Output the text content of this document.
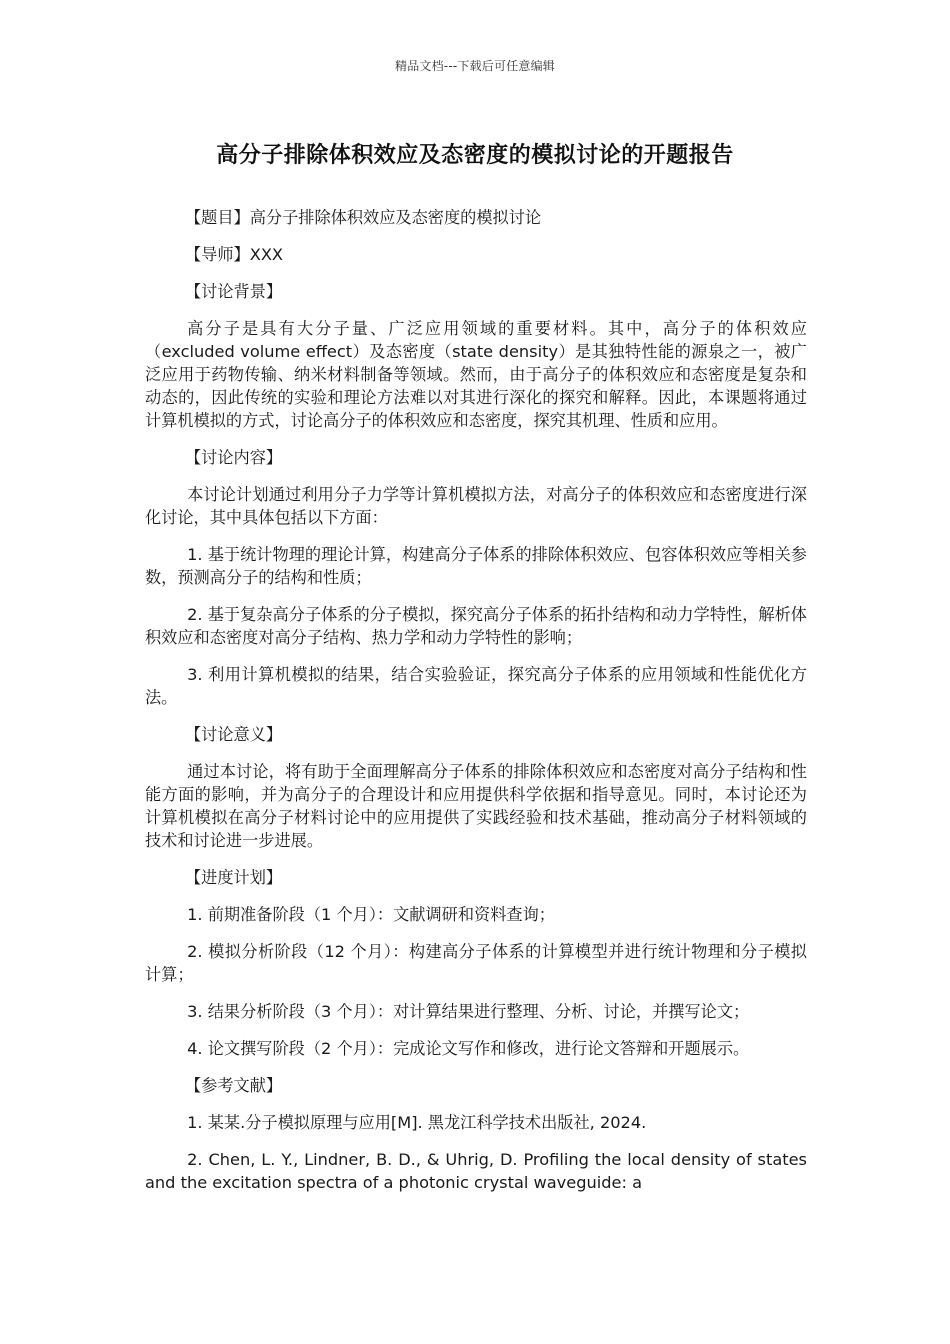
精品文档---下载后可任意编辑
高分子排除体积效应及态密度的模拟讨论的开题报告

【题目】高分子排除体积效应及态密度的模拟讨论

【导师】XXX

【讨论背景】

高分子是具有大分子量、广泛应用领域的重要材料。其中，高分子的体积效应（excluded volume effect）及态密度（state density）是其独特性能的源泉之一，被广泛应用于药物传输、纳米材料制备等领域。然而，由于高分子的体积效应和态密度是复杂和动态的，因此传统的实验和理论方法难以对其进行深化的探究和解释。因此，本课题将通过计算机模拟的方式，讨论高分子的体积效应和态密度，探究其机理、性质和应用。

【讨论内容】

本讨论计划通过利用分子力学等计算机模拟方法，对高分子的体积效应和态密度进行深化讨论，其中具体包括以下方面：

1. 基于统计物理的理论计算，构建高分子体系的排除体积效应、包容体积效应等相关参数，预测高分子的结构和性质；

2. 基于复杂高分子体系的分子模拟，探究高分子体系的拓扑结构和动力学特性，解析体积效应和态密度对高分子结构、热力学和动力学特性的影响；

3. 利用计算机模拟的结果，结合实验验证，探究高分子体系的应用领域和性能优化方法。

【讨论意义】

通过本讨论，将有助于全面理解高分子体系的排除体积效应和态密度对高分子结构和性能方面的影响，并为高分子的合理设计和应用提供科学依据和指导意见。同时，本讨论还为计算机模拟在高分子材料讨论中的应用提供了实践经验和技术基础，推动高分子材料领域的技术和讨论进一步进展。

【进度计划】

1. 前期准备阶段（1 个月）：文献调研和资料查询；

2. 模拟分析阶段（12 个月）：构建高分子体系的计算模型并进行统计物理和分子模拟计算；

3. 结果分析阶段（3 个月）：对计算结果进行整理、分析、讨论，并撰写论文；

4. 论文撰写阶段（2 个月）：完成论文写作和修改，进行论文答辩和开题展示。

【参考文献】

1. 某某.分子模拟原理与应用[M]. 黑龙江科学技术出版社, 2024.

2. Chen, L. Y., Lindner, B. D., & Uhrig, D. Profiling the local density of states and the excitation spectra of a photonic crystal waveguide: a
